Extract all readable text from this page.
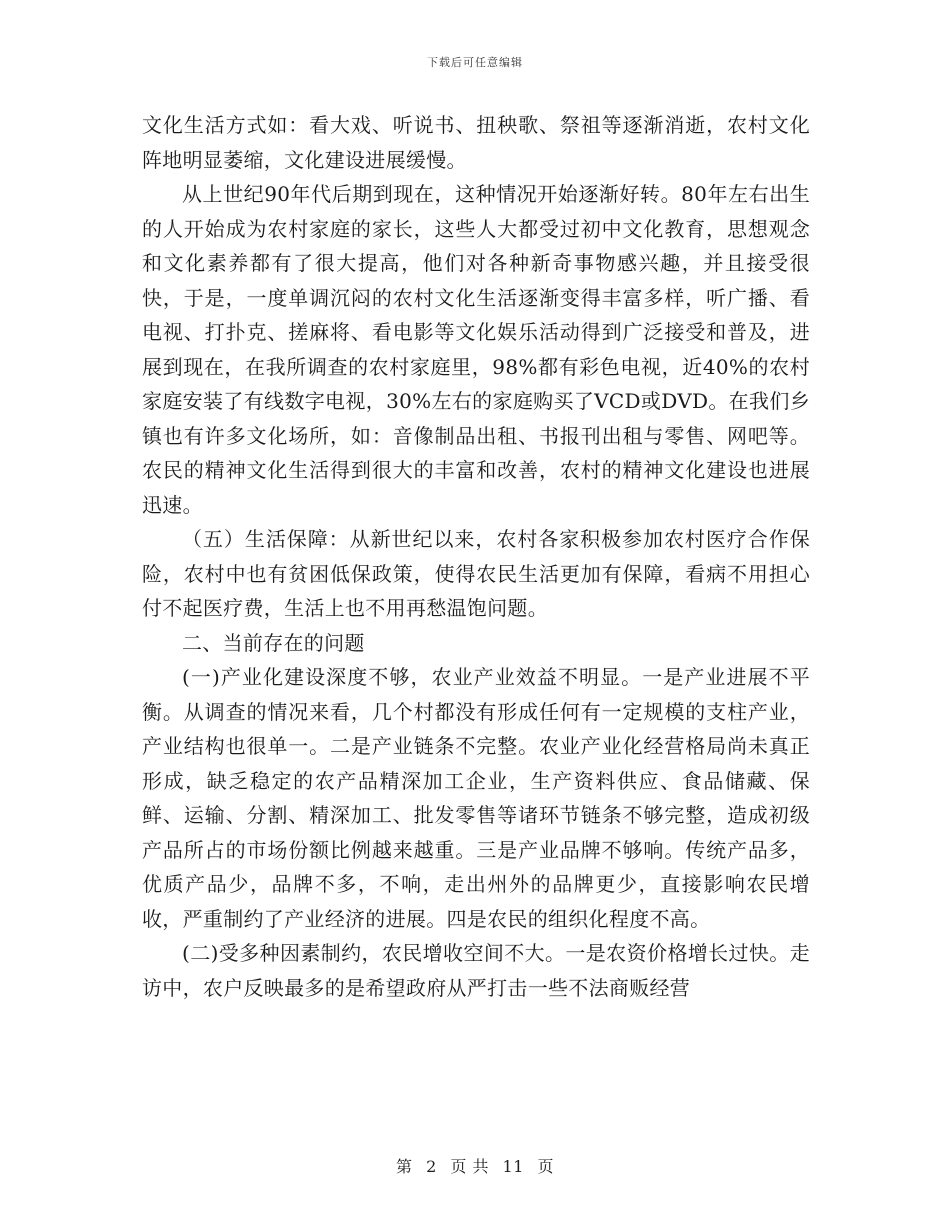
下载后可任意编辑

文化生活方式如：看大戏、听说书、扭秧歌、祭祖等逐渐消逝，农村文化阵地明显萎缩，文化建设进展缓慢。

从上世纪90年代后期到现在，这种情况开始逐渐好转。80年左右出生的人开始成为农村家庭的家长，这些人大都受过初中文化教育，思想观念和文化素养都有了很大提高，他们对各种新奇事物感兴趣，并且接受很快，于是，一度单调沉闷的农村文化生活逐渐变得丰富多样，听广播、看电视、打扑克、搓麻将、看电影等文化娱乐活动得到广泛接受和普及，进展到现在，在我所调查的农村家庭里，98%都有彩色电视，近40%的农村家庭安装了有线数字电视，30%左右的家庭购买了VCD或DVD。在我们乡镇也有许多文化场所，如：音像制品出租、书报刊出租与零售、网吧等。农民的精神文化生活得到很大的丰富和改善，农村的精神文化建设也进展迅速。

（五）生活保障：从新世纪以来，农村各家积极参加农村医疗合作保险，农村中也有贫困低保政策，使得农民生活更加有保障，看病不用担心付不起医疗费，生活上也不用再愁温饱问题。

二、当前存在的问题

(一)产业化建设深度不够，农业产业效益不明显。一是产业进展不平衡。从调查的情况来看，几个村都没有形成任何有一定规模的支柱产业，产业结构也很单一。二是产业链条不完整。农业产业化经营格局尚未真正形成，缺乏稳定的农产品精深加工企业，生产资料供应、食品储藏、保鲜、运输、分割、精深加工、批发零售等诸环节链条不够完整，造成初级产品所占的市场份额比例越来越重。三是产业品牌不够响。传统产品多，优质产品少，品牌不多，不响，走出州外的品牌更少，直接影响农民增收，严重制约了产业经济的进展。四是农民的组织化程度不高。

(二)受多种因素制约，农民增收空间不大。一是农资价格增长过快。走访中，农户反映最多的是希望政府从严打击一些不法商贩经营

第 2 页 共 11 页
